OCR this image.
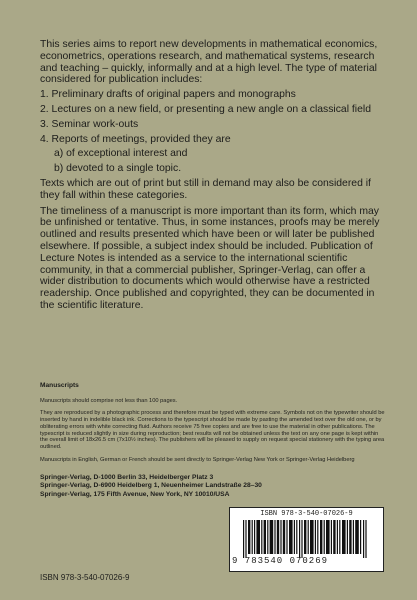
This series aims to report new developments in mathematical economics, econometrics, operations research, and mathematical systems, research and teaching – quickly, informally and at a high level. The type of material considered for publication includes:

1. Preliminary drafts of original papers and monographs
2. Lectures on a new field, or presenting a new angle on a classical field
3. Seminar work-outs
4. Reports of meetings, provided they are
a) of exceptional interest and
b) devoted to a single topic.

Texts which are out of print but still in demand may also be considered if they fall within these categories.

The timeliness of a manuscript is more important than its form, which may be unfinished or tentative. Thus, in some instances, proofs may be merely outlined and results presented which have been or will later be published elsewhere. If possible, a subject index should be included. Publication of Lecture Notes is intended as a service to the international scientific community, in that a commercial publisher, Springer-Verlag, can offer a wider distribution to documents which would otherwise have a restricted readership. Once published and copyrighted, they can be documented in the scientific literature.

Manuscripts

Manuscripts should comprise not less than 100 pages.

They are reproduced by a photographic process and therefore must be typed with extreme care. Symbols not on the typewriter should be inserted by hand in indelible black ink. Corrections to the typescript should be made by pasting the amended text over the old one, or by obliterating errors with white correcting fluid. Authors receive 75 free copies and are free to use the material in other publications. The typescript is reduced slightly in size during reproduction; best results will not be obtained unless the text on any one page is kept within the overall limit of 18x26.5 cm (7x10½ inches). The publishers will be pleased to supply on request special stationery with the typing area outlined.

Manuscripts in English, German or French should be sent directly to Springer-Verlag New York or Springer-Verlag Heidelberg

Springer-Verlag, D-1000 Berlin 33, Heidelberger Platz 3
Springer-Verlag, D-6900 Heidelberg 1, Neuenheimer Landstraße 28–30
Springer-Verlag, 175 Fifth Avenue, New York, NY 10010/USA
ISBN 978-3-540-07026-9
ISBN 978-3-540-07026-9
9 783540 070269
